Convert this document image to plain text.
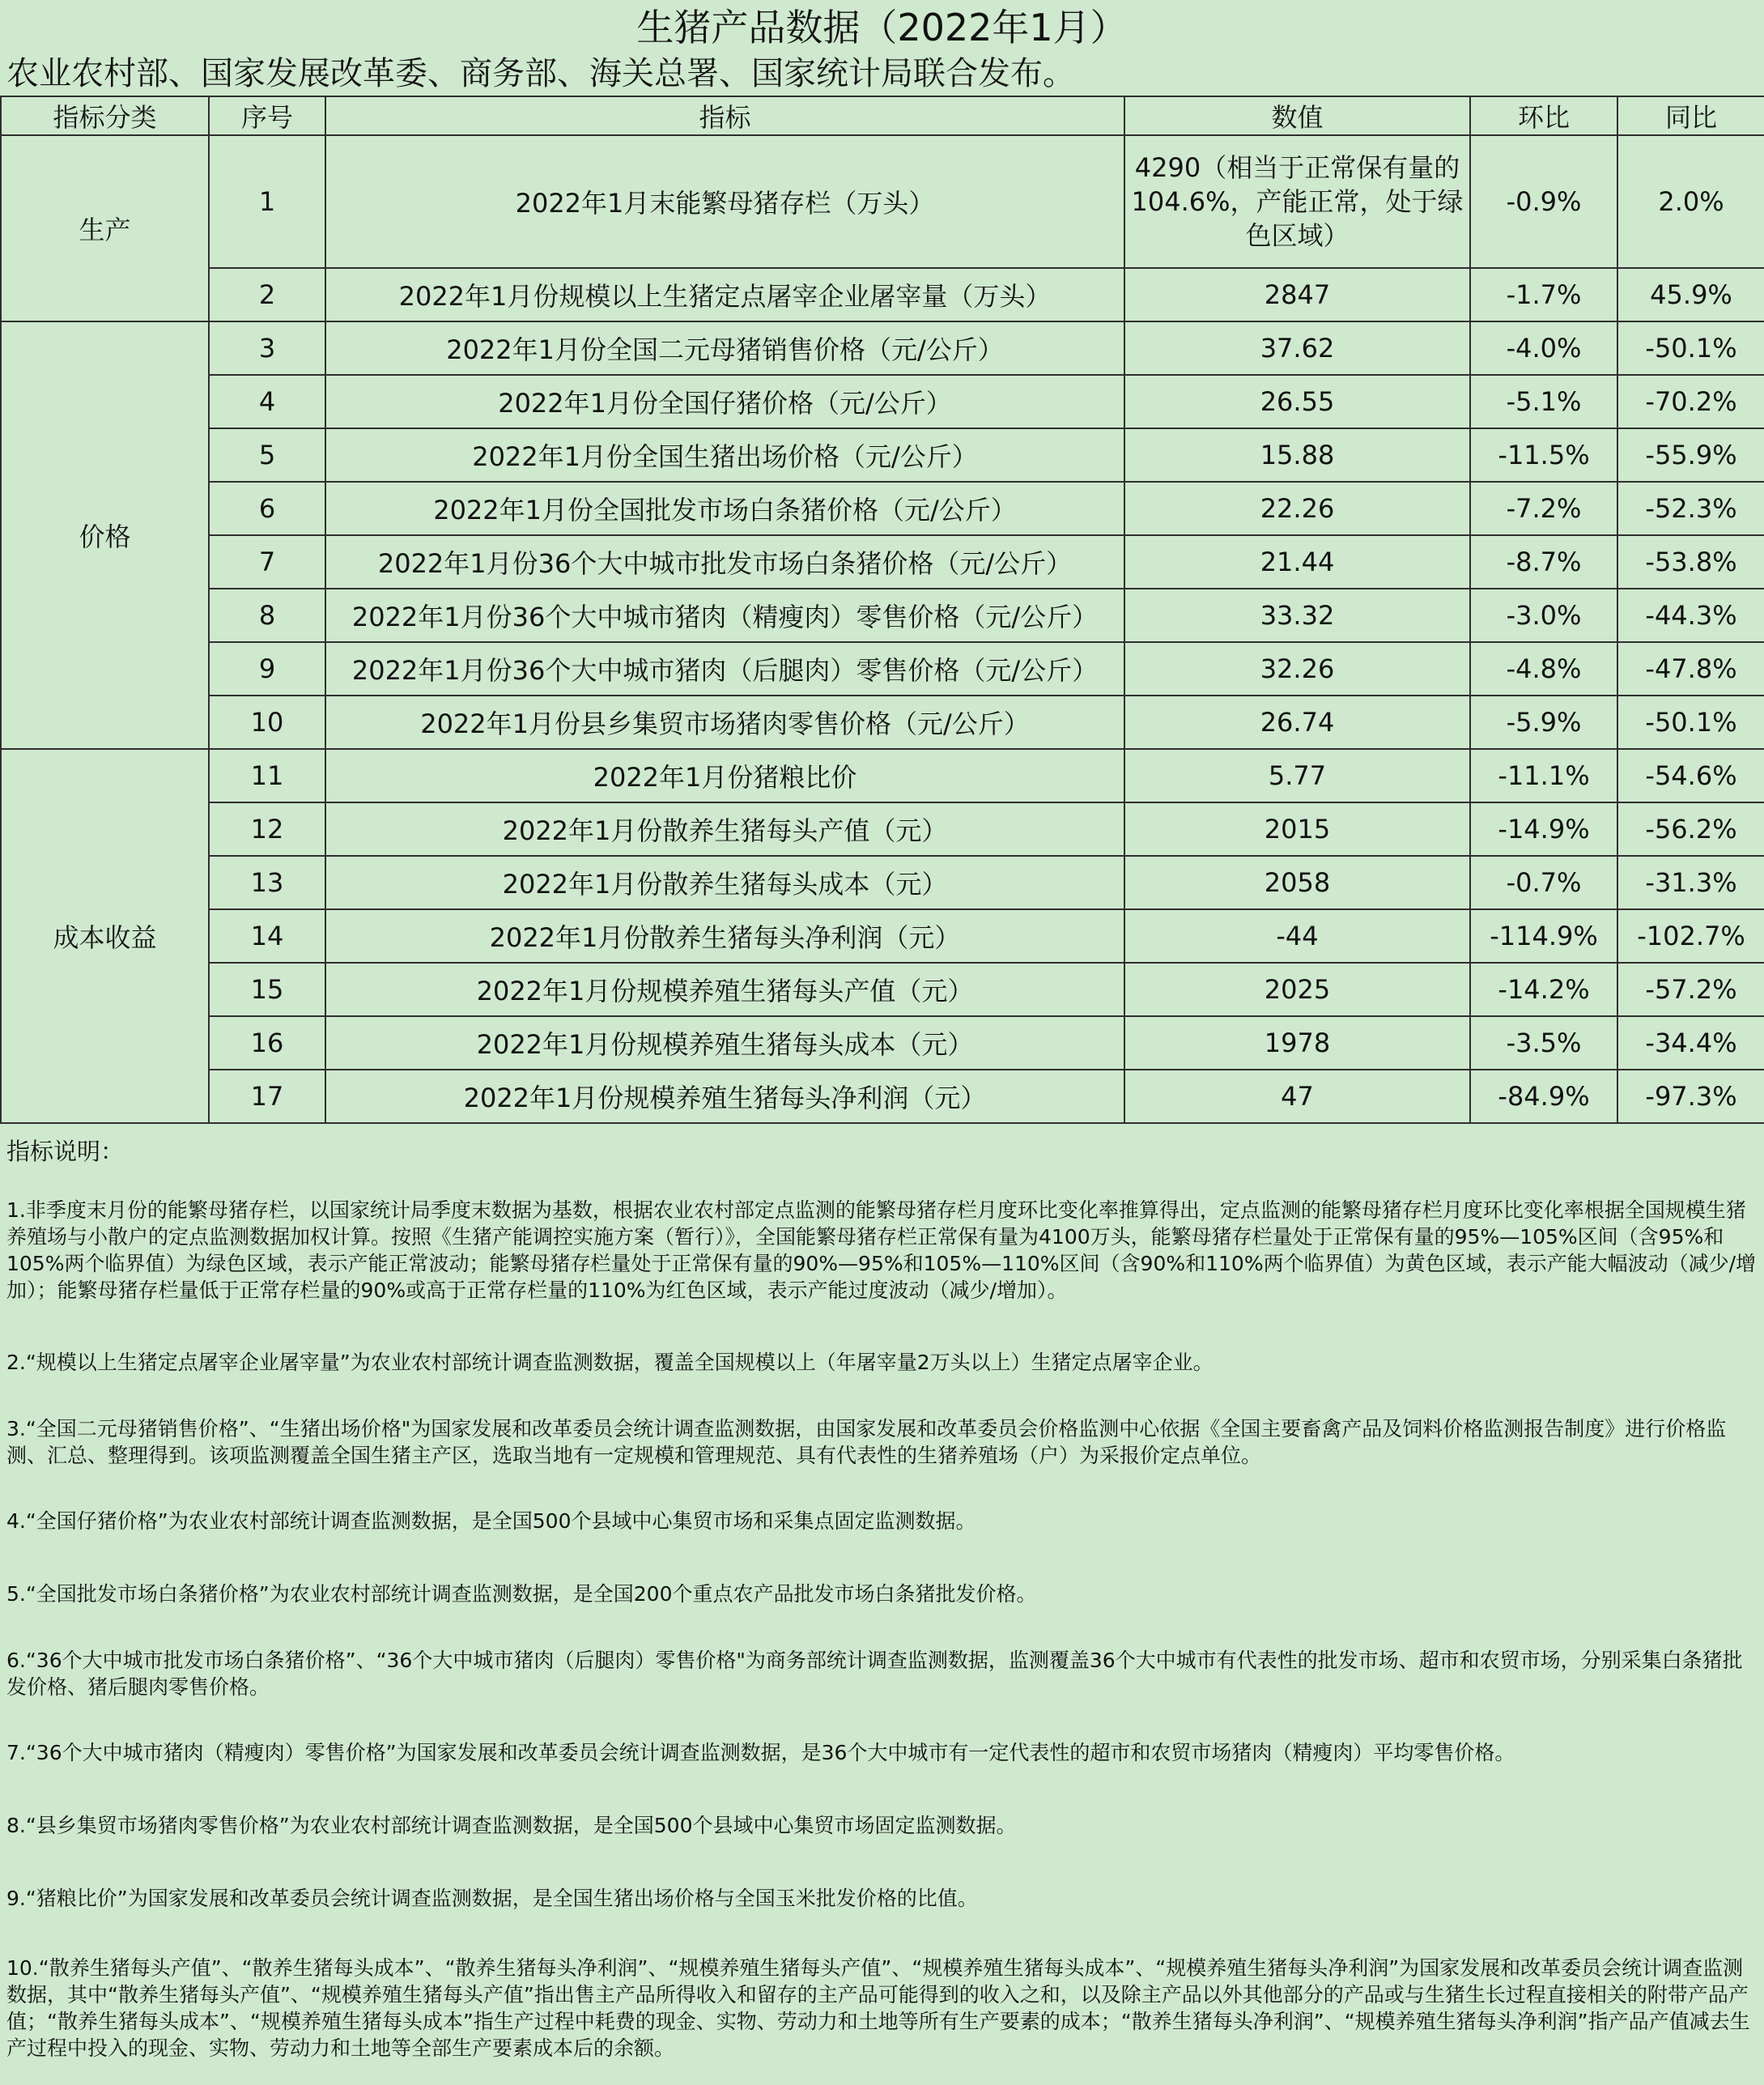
生猪产品数据（2022年1月）
农业农村部、国家发展改革委、商务部、海关总署、国家统计局联合发布。
指标分类	序号	指标	数值	环比	同比
生产	1	2022年1月末能繁母猪存栏（万头）	4290（相当于正常保有量的104.6%，产能正常，处于绿色区域）	-0.9%	2.0%
	2	2022年1月份规模以上生猪定点屠宰企业屠宰量（万头）	2847	-1.7%	45.9%
价格	3	2022年1月份全国二元母猪销售价格（元/公斤）	37.62	-4.0%	-50.1%
	4	2022年1月份全国仔猪价格（元/公斤）	26.55	-5.1%	-70.2%
	5	2022年1月份全国生猪出场价格（元/公斤）	15.88	-11.5%	-55.9%
	6	2022年1月份全国批发市场白条猪价格（元/公斤）	22.26	-7.2%	-52.3%
	7	2022年1月份36个大中城市批发市场白条猪价格（元/公斤）	21.44	-8.7%	-53.8%
	8	2022年1月份36个大中城市猪肉（精瘦肉）零售价格（元/公斤）	33.32	-3.0%	-44.3%
	9	2022年1月份36个大中城市猪肉（后腿肉）零售价格（元/公斤）	32.26	-4.8%	-47.8%
	10	2022年1月份县乡集贸市场猪肉零售价格（元/公斤）	26.74	-5.9%	-50.1%
成本收益	11	2022年1月份猪粮比价	5.77	-11.1%	-54.6%
	12	2022年1月份散养生猪每头产值（元）	2015	-14.9%	-56.2%
	13	2022年1月份散养生猪每头成本（元）	2058	-0.7%	-31.3%
	14	2022年1月份散养生猪每头净利润（元）	-44	-114.9%	-102.7%
	15	2022年1月份规模养殖生猪每头产值（元）	2025	-14.2%	-57.2%
	16	2022年1月份规模养殖生猪每头成本（元）	1978	-3.5%	-34.4%
	17	2022年1月份规模养殖生猪每头净利润（元）	47	-84.9%	-97.3%
指标说明：
1.非季度末月份的能繁母猪存栏，以国家统计局季度末数据为基数，根据农业农村部定点监测的能繁母猪存栏月度环比变化率推算得出，定点监测的能繁母猪存栏月度环比变化率根据全国规模生猪养殖场与小散户的定点监测数据加权计算。按照《生猪产能调控实施方案（暂行）》，全国能繁母猪存栏正常保有量为4100万头，能繁母猪存栏量处于正常保有量的95%—105%区间（含95%和105%两个临界值）为绿色区域，表示产能正常波动；能繁母猪存栏量处于正常保有量的90%—95%和105%—110%区间（含90%和110%两个临界值）为黄色区域，表示产能大幅波动（减少/增加）；能繁母猪存栏量低于正常存栏量的90%或高于正常存栏量的110%为红色区域，表示产能过度波动（减少/增加）。
2.“规模以上生猪定点屠宰企业屠宰量”为农业农村部统计调查监测数据，覆盖全国规模以上（年屠宰量2万头以上）生猪定点屠宰企业。
3.“全国二元母猪销售价格”、“生猪出场价格"为国家发展和改革委员会统计调查监测数据，由国家发展和改革委员会价格监测中心依据《全国主要畜禽产品及饲料价格监测报告制度》进行价格监测、汇总、整理得到。该项监测覆盖全国生猪主产区，选取当地有一定规模和管理规范、具有代表性的生猪养殖场（户）为采报价定点单位。
4.“全国仔猪价格”为农业农村部统计调查监测数据，是全国500个县域中心集贸市场和采集点固定监测数据。
5.“全国批发市场白条猪价格”为农业农村部统计调查监测数据，是全国200个重点农产品批发市场白条猪批发价格。
6.“36个大中城市批发市场白条猪价格”、“36个大中城市猪肉（后腿肉）零售价格"为商务部统计调查监测数据，监测覆盖36个大中城市有代表性的批发市场、超市和农贸市场，分别采集白条猪批发价格、猪后腿肉零售价格。
7.“36个大中城市猪肉（精瘦肉）零售价格”为国家发展和改革委员会统计调查监测数据，是36个大中城市有一定代表性的超市和农贸市场猪肉（精瘦肉）平均零售价格。
8.“县乡集贸市场猪肉零售价格”为农业农村部统计调查监测数据，是全国500个县域中心集贸市场固定监测数据。
9.“猪粮比价”为国家发展和改革委员会统计调查监测数据，是全国生猪出场价格与全国玉米批发价格的比值。
10.“散养生猪每头产值”、“散养生猪每头成本”、“散养生猪每头净利润”、“规模养殖生猪每头产值”、“规模养殖生猪每头成本”、“规模养殖生猪每头净利润”为国家发展和改革委员会统计调查监测数据，其中“散养生猪每头产值”、“规模养殖生猪每头产值”指出售主产品所得收入和留存的主产品可能得到的收入之和，以及除主产品以外其他部分的产品或与生猪生长过程直接相关的附带产品产值；“散养生猪每头成本”、“规模养殖生猪每头成本”指生产过程中耗费的现金、实物、劳动力和土地等所有生产要素的成本；“散养生猪每头净利润”、“规模养殖生猪每头净利润”指产品产值减去生产过程中投入的现金、实物、劳动力和土地等全部生产要素成本后的余额。
